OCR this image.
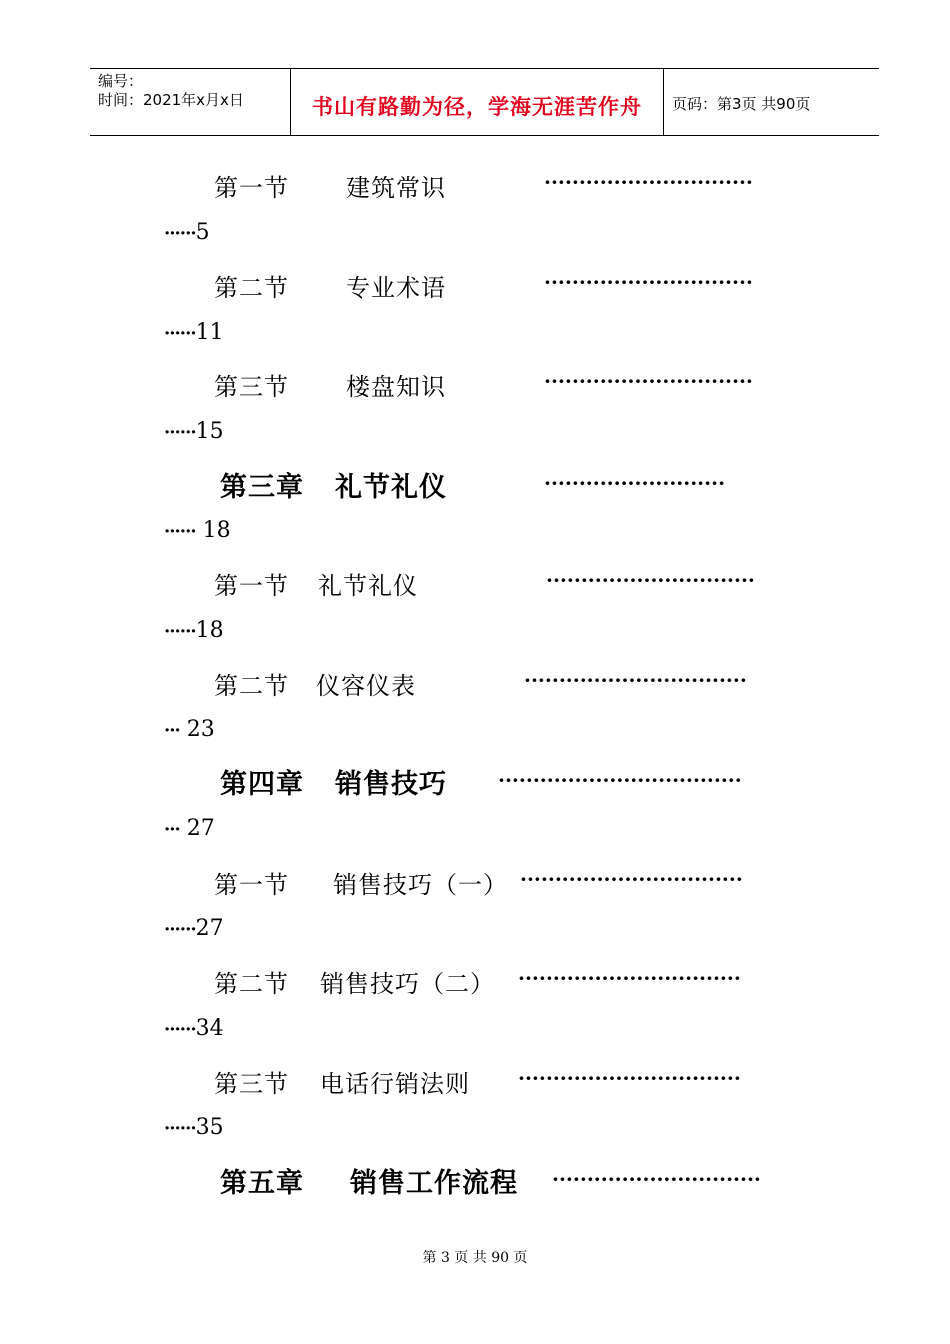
编号：
时间：2021年x月x日	书山有路勤为径，学海无涯苦作舟	页码：第3页 共90页
第一节 建筑常识	······························
······5
第二节 专业术语	······························
······11
第三节 楼盘知识	······························
······15
第三章 礼节礼仪	··························
······ 18
第一节 礼节礼仪	······························
······18
第二节 仪容仪表	································
··· 23
第四章 销售技巧	···································
··· 27
第一节 销售技巧（一） ································
······27
第二节 销售技巧（二） ································
······34
第三节 电话行销法则 ································
······35
第五章 销售工作流程 ······························
第 3 页 共 90 页
